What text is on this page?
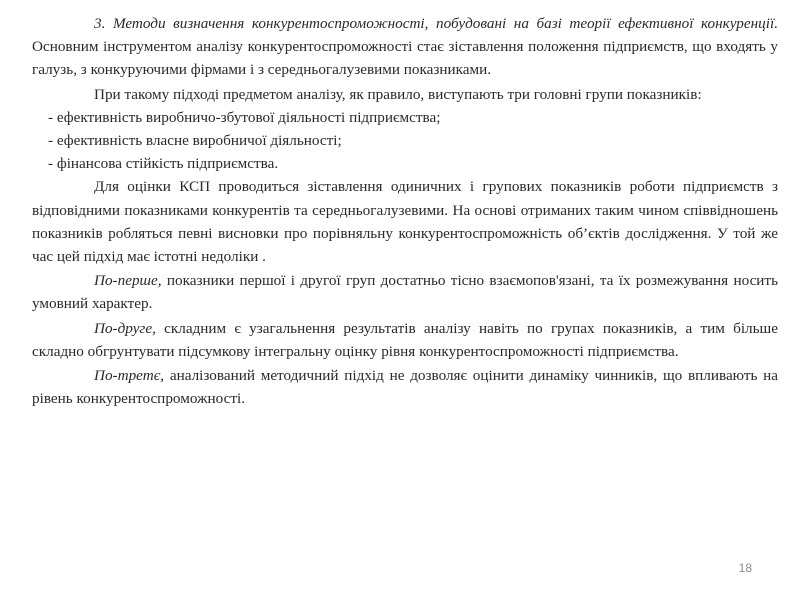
3. Методи визначення конкурентоспроможності, побудовані на базі теорії ефективної конкуренції. Основним інструментом аналізу конкурентоспроможності стає зіставлення положення підприємств, що входять у галузь, з конкуруючими фірмами і з середньогалузевими показниками.

При такому підході предметом аналізу, як правило, виступають три головні групи показників:

- ефективність виробничо-збутової діяльності підприємства;

- ефективність власне виробничої діяльності;

- фінансова стійкість підприємства.

Для оцінки КСП проводиться зіставлення одиничних і групових показників роботи підприємств з відповідними показниками конкурентів та середньогалузевими. На основі отриманих таким чином співвідношень показників робляться певні висновки про порівняльну конкурентоспроможність об’єктів дослідження. У той же час цей підхід має істотні недоліки .

По-перше, показники першої і другої груп достатньо тісно взаємопов'язані, та їх розмежування носить умовний характер.

По-друге, складним є узагальнення результатів аналізу навіть по групах показників, а тим більше складно обгрунтувати підсумкову інтегральну оцінку рівня конкурентоспроможності підприємства.

По-третє, аналізований методичний підхід не дозволяє оцінити динаміку чинників, що впливають на рівень конкурентоспроможності.

18
